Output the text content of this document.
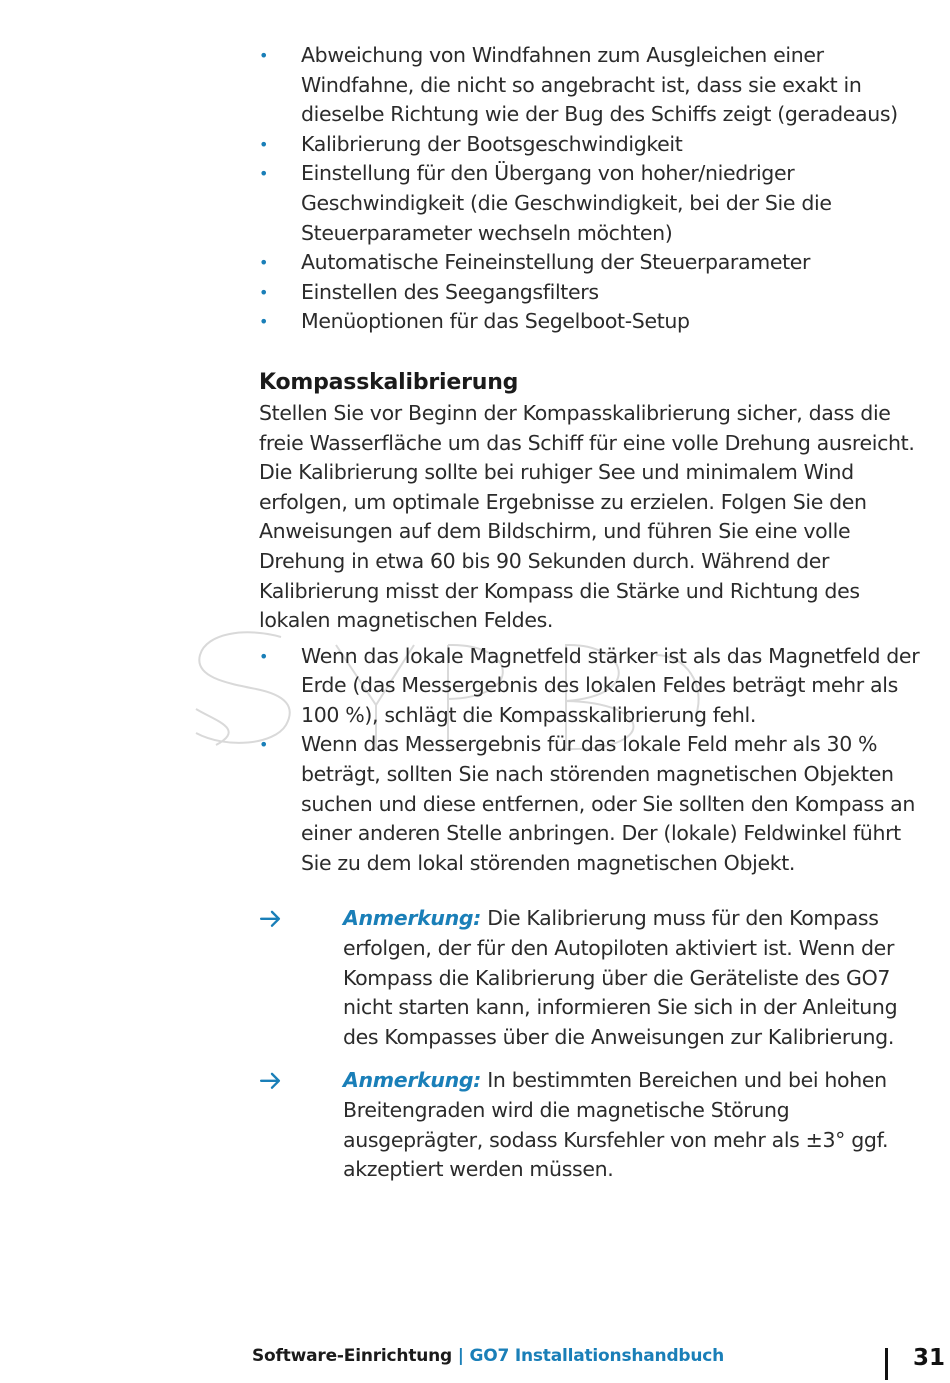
• Abweichung von Windfahnen zum Ausgleichen einer Windfahne, die nicht so angebracht ist, dass sie exakt in dieselbe Richtung wie der Bug des Schiffs zeigt (geradeaus)
• Kalibrierung der Bootsgeschwindigkeit
• Einstellung für den Übergang von hoher/niedriger Geschwindigkeit (die Geschwindigkeit, bei der Sie die Steuerparameter wechseln möchten)
• Automatische Feineinstellung der Steuerparameter
• Einstellen des Seegangsfilters
• Menüoptionen für das Segelboot-Setup
Kompasskalibrierung

Stellen Sie vor Beginn der Kompasskalibrierung sicher, dass die freie Wasserfläche um das Schiff für eine volle Drehung ausreicht. Die Kalibrierung sollte bei ruhiger See und minimalem Wind erfolgen, um optimale Ergebnisse zu erzielen. Folgen Sie den Anweisungen auf dem Bildschirm, und führen Sie eine volle Drehung in etwa 60 bis 90 Sekunden durch. Während der Kalibrierung misst der Kompass die Stärke und Richtung des lokalen magnetischen Feldes.

• Wenn das lokale Magnetfeld stärker ist als das Magnetfeld der Erde (das Messergebnis des lokalen Feldes beträgt mehr als 100 %), schlägt die Kompasskalibrierung fehl.
• Wenn das Messergebnis für das lokale Feld mehr als 30 % beträgt, sollten Sie nach störenden magnetischen Objekten suchen und diese entfernen, oder Sie sollten den Kompass an einer anderen Stelle anbringen. Der (lokale) Feldwinkel führt Sie zu dem lokal störenden magnetischen Objekt.
Anmerkung: Die Kalibrierung muss für den Kompass erfolgen, der für den Autopiloten aktiviert ist. Wenn der Kompass die Kalibrierung über die Geräteliste des GO7 nicht starten kann, informieren Sie sich in der Anleitung des Kompasses über die Anweisungen zur Kalibrierung.
Anmerkung: In bestimmten Bereichen und bei hohen Breitengraden wird die magnetische Störung ausgeprägter, sodass Kursfehler von mehr als ±3° ggf. akzeptiert werden müssen.
Software-Einrichtung | GO7 Installationshandbuch	31
